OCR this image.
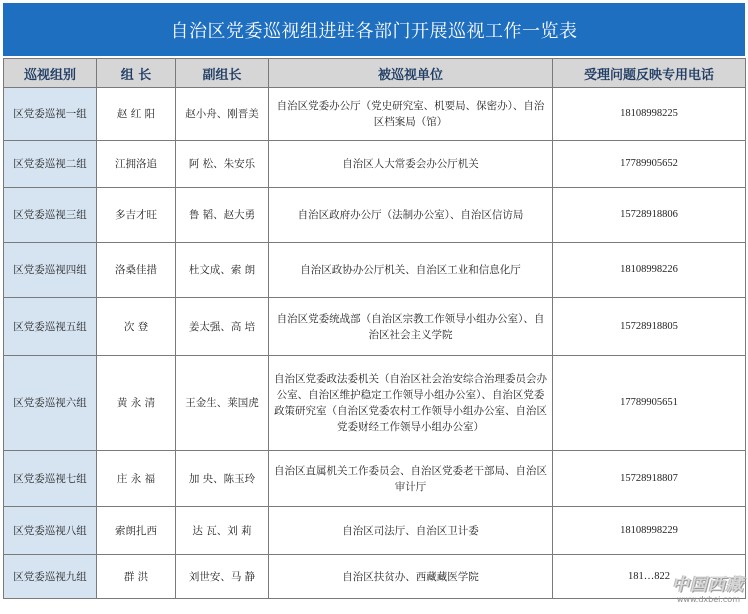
自治区党委巡视组进驻各部门开展巡视工作一览表
巡视组别	组 长	副组长	被巡视单位	受理问题反映专用电话
区党委巡视一组	赵 红 阳	赵小舟、刚晋美	自治区党委办公厅（党史研究室、机要局、保密办）、自治区档案局（馆）	18108998225
区党委巡视二组	江拥洛追	阿 松、朱安乐	自治区人大常委会办公厅机关	17789905652
区党委巡视三组	多吉才旺	鲁 韬、赵大勇	自治区政府办公厅（法制办公室）、自治区信访局	15728918806
区党委巡视四组	洛桑佳措	杜文成、索 朗	自治区政协办公厅机关、自治区工业和信息化厅	18108998226
区党委巡视五组	次 登	姜太强、高 培	自治区党委统战部（自治区宗教工作领导小组办公室）、自治区社会主义学院	15728918805
区党委巡视六组	黄 永 清	王金生、莱国虎	自治区党委政法委机关（自治区社会治安综合治理委员会办公室、自治区维护稳定工作领导小组办公室）、自治区党委政策研究室（自治区党委农村工作领导小组办公室、自治区党委财经工作领导小组办公室）	17789905651
区党委巡视七组	庄 永 福	加 央、陈玉玲	自治区直属机关工作委员会、自治区党委老干部局、自治区审计厅	15728918807
区党委巡视八组	索朗扎西	达 瓦、刘 莉	自治区司法厅、自治区卫计委	18108998229
区党委巡视九组	群 洪	刘世安、马 静	自治区扶贫办、西藏藏医学院	181…822 中国西藏
www.dxbei.com
